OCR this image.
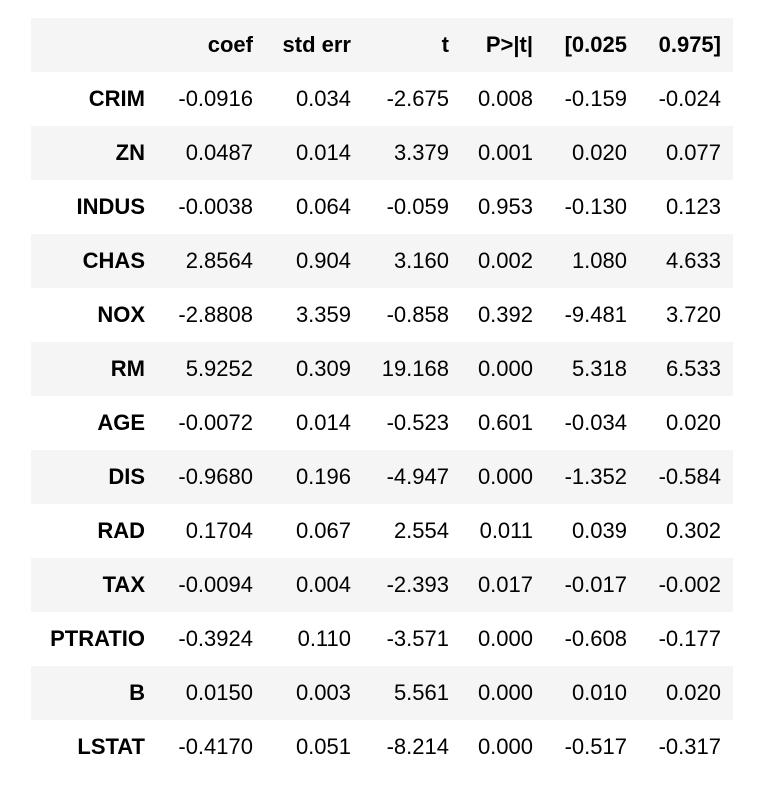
	coef	std err	t	P>|t|	[0.025	0.975]
CRIM	-0.0916	0.034	-2.675	0.008	-0.159	-0.024
ZN	0.0487	0.014	3.379	0.001	0.020	0.077
INDUS	-0.0038	0.064	-0.059	0.953	-0.130	0.123
CHAS	2.8564	0.904	3.160	0.002	1.080	4.633
NOX	-2.8808	3.359	-0.858	0.392	-9.481	3.720
RM	5.9252	0.309	19.168	0.000	5.318	6.533
AGE	-0.0072	0.014	-0.523	0.601	-0.034	0.020
DIS	-0.9680	0.196	-4.947	0.000	-1.352	-0.584
RAD	0.1704	0.067	2.554	0.011	0.039	0.302
TAX	-0.0094	0.004	-2.393	0.017	-0.017	-0.002
PTRATIO	-0.3924	0.110	-3.571	0.000	-0.608	-0.177
B	0.0150	0.003	5.561	0.000	0.010	0.020
LSTAT	-0.4170	0.051	-8.214	0.000	-0.517	-0.317
